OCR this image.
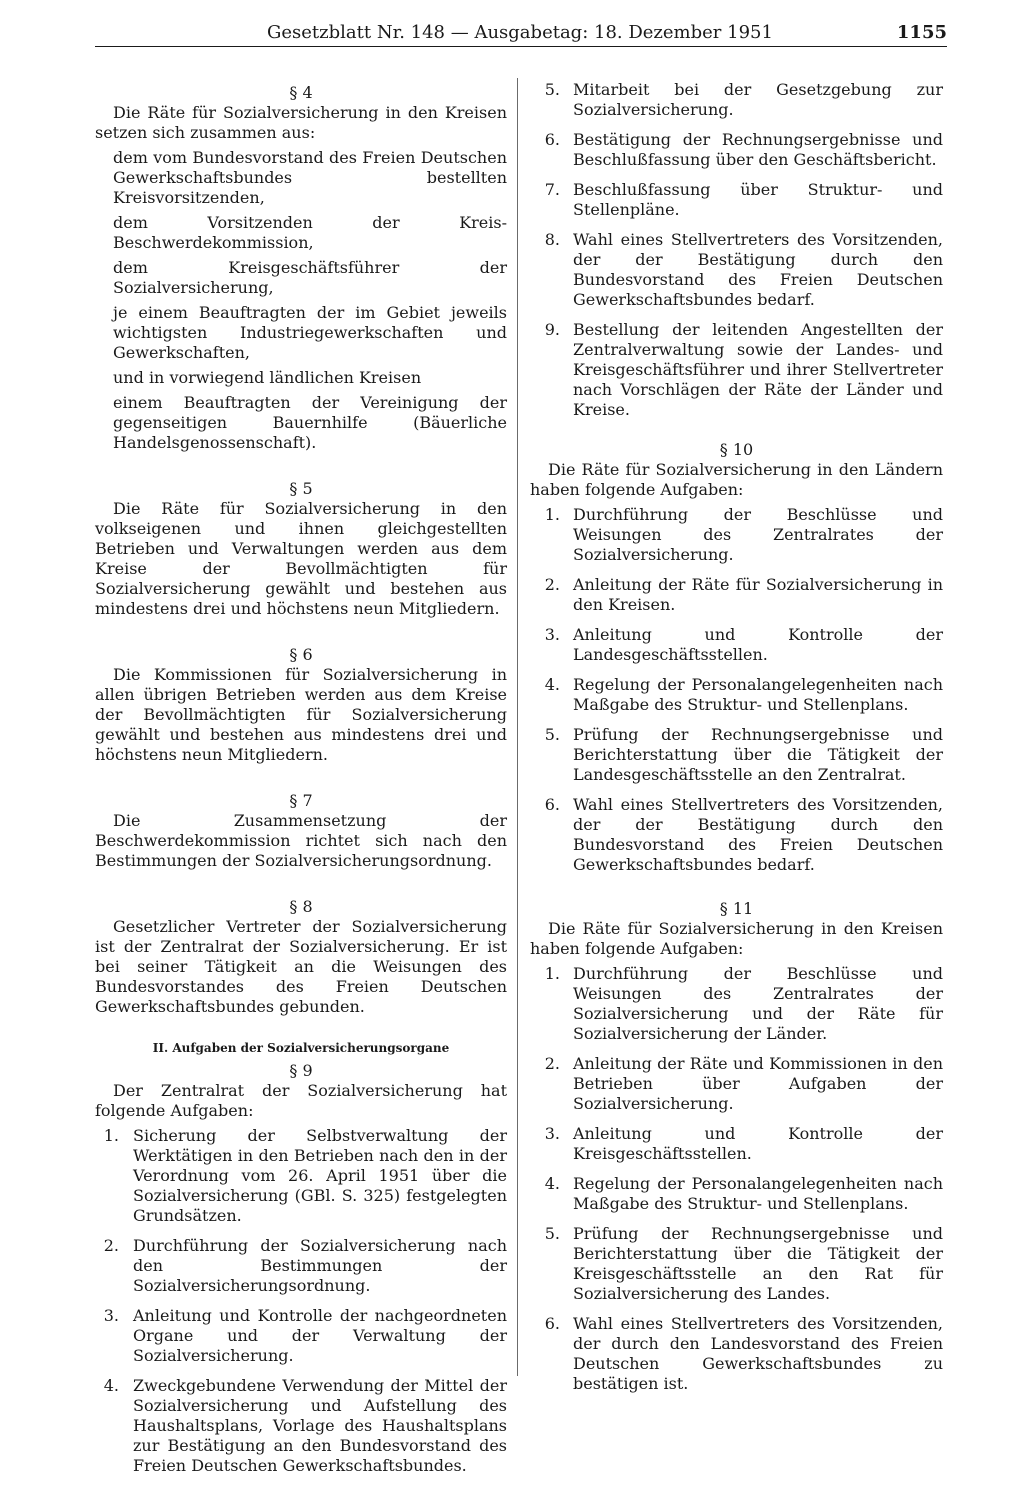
Gesetzblatt Nr. 148 — Ausgabetag: 18. Dezember 1951	1155
§ 4

Die Räte für Sozialversicherung in den Kreisen setzen sich zusammen aus:

dem vom Bundesvorstand des Freien Deutschen Gewerkschaftsbundes bestellten Kreisvorsitzenden,

dem Vorsitzenden der Kreis-Beschwerdekommission,

dem Kreisgeschäftsführer der Sozialversicherung,

je einem Beauftragten der im Gebiet jeweils wichtigsten Industriegewerkschaften und Gewerkschaften,

und in vorwiegend ländlichen Kreisen

einem Beauftragten der Vereinigung der gegenseitigen Bauernhilfe (Bäuerliche Handelsgenossenschaft).

§ 5

Die Räte für Sozialversicherung in den volkseigenen und ihnen gleichgestellten Betrieben und Verwaltungen werden aus dem Kreise der Bevollmächtigten für Sozialversicherung gewählt und bestehen aus mindestens drei und höchstens neun Mitgliedern.

§ 6

Die Kommissionen für Sozialversicherung in allen übrigen Betrieben werden aus dem Kreise der Bevollmächtigten für Sozialversicherung gewählt und bestehen aus mindestens drei und höchstens neun Mitgliedern.

§ 7

Die Zusammensetzung der Beschwerdekommission richtet sich nach den Bestimmungen der Sozialversicherungsordnung.

§ 8

Gesetzlicher Vertreter der Sozialversicherung ist der Zentralrat der Sozialversicherung. Er ist bei seiner Tätigkeit an die Weisungen des Bundesvorstandes des Freien Deutschen Gewerkschaftsbundes gebunden.

II. Aufgaben der Sozialversicherungsorgane
§ 9

Der Zentralrat der Sozialversicherung hat folgende Aufgaben:

1. Sicherung der Selbstverwaltung der Werktätigen in den Betrieben nach den in der Verordnung vom 26. April 1951 über die Sozialversicherung (GBl. S. 325) festgelegten Grundsätzen.
2. Durchführung der Sozialversicherung nach den Bestimmungen der Sozialversicherungsordnung.
3. Anleitung und Kontrolle der nachgeordneten Organe und der Verwaltung der Sozialversicherung.
4. Zweckgebundene Verwendung der Mittel der Sozialversicherung und Aufstellung des Haushaltsplans, Vorlage des Haushaltsplans zur Bestätigung an den Bundesvorstand des Freien Deutschen Gewerkschaftsbundes.
5. Mitarbeit bei der Gesetzgebung zur Sozialversicherung.
6. Bestätigung der Rechnungsergebnisse und Beschlußfassung über den Geschäftsbericht.
7. Beschlußfassung über Struktur- und Stellenpläne.
8. Wahl eines Stellvertreters des Vorsitzenden, der der Bestätigung durch den Bundesvorstand des Freien Deutschen Gewerkschaftsbundes bedarf.
9. Bestellung der leitenden Angestellten der Zentralverwaltung sowie der Landes- und Kreisgeschäftsführer und ihrer Stellvertreter nach Vorschlägen der Räte der Länder und Kreise.
§ 10

Die Räte für Sozialversicherung in den Ländern haben folgende Aufgaben:

1. Durchführung der Beschlüsse und Weisungen des Zentralrates der Sozialversicherung.
2. Anleitung der Räte für Sozialversicherung in den Kreisen.
3. Anleitung und Kontrolle der Landesgeschäftsstellen.
4. Regelung der Personalangelegenheiten nach Maßgabe des Struktur- und Stellenplans.
5. Prüfung der Rechnungsergebnisse und Berichterstattung über die Tätigkeit der Landesgeschäftsstelle an den Zentralrat.
6. Wahl eines Stellvertreters des Vorsitzenden, der der Bestätigung durch den Bundesvorstand des Freien Deutschen Gewerkschaftsbundes bedarf.
§ 11

Die Räte für Sozialversicherung in den Kreisen haben folgende Aufgaben:

1. Durchführung der Beschlüsse und Weisungen des Zentralrates der Sozialversicherung und der Räte für Sozialversicherung der Länder.
2. Anleitung der Räte und Kommissionen in den Betrieben über Aufgaben der Sozialversicherung.
3. Anleitung und Kontrolle der Kreisgeschäftsstellen.
4. Regelung der Personalangelegenheiten nach Maßgabe des Struktur- und Stellenplans.
5. Prüfung der Rechnungsergebnisse und Berichterstattung über die Tätigkeit der Kreisgeschäftsstelle an den Rat für Sozialversicherung des Landes.
6. Wahl eines Stellvertreters des Vorsitzenden, der durch den Landesvorstand des Freien Deutschen Gewerkschaftsbundes zu bestätigen ist.
